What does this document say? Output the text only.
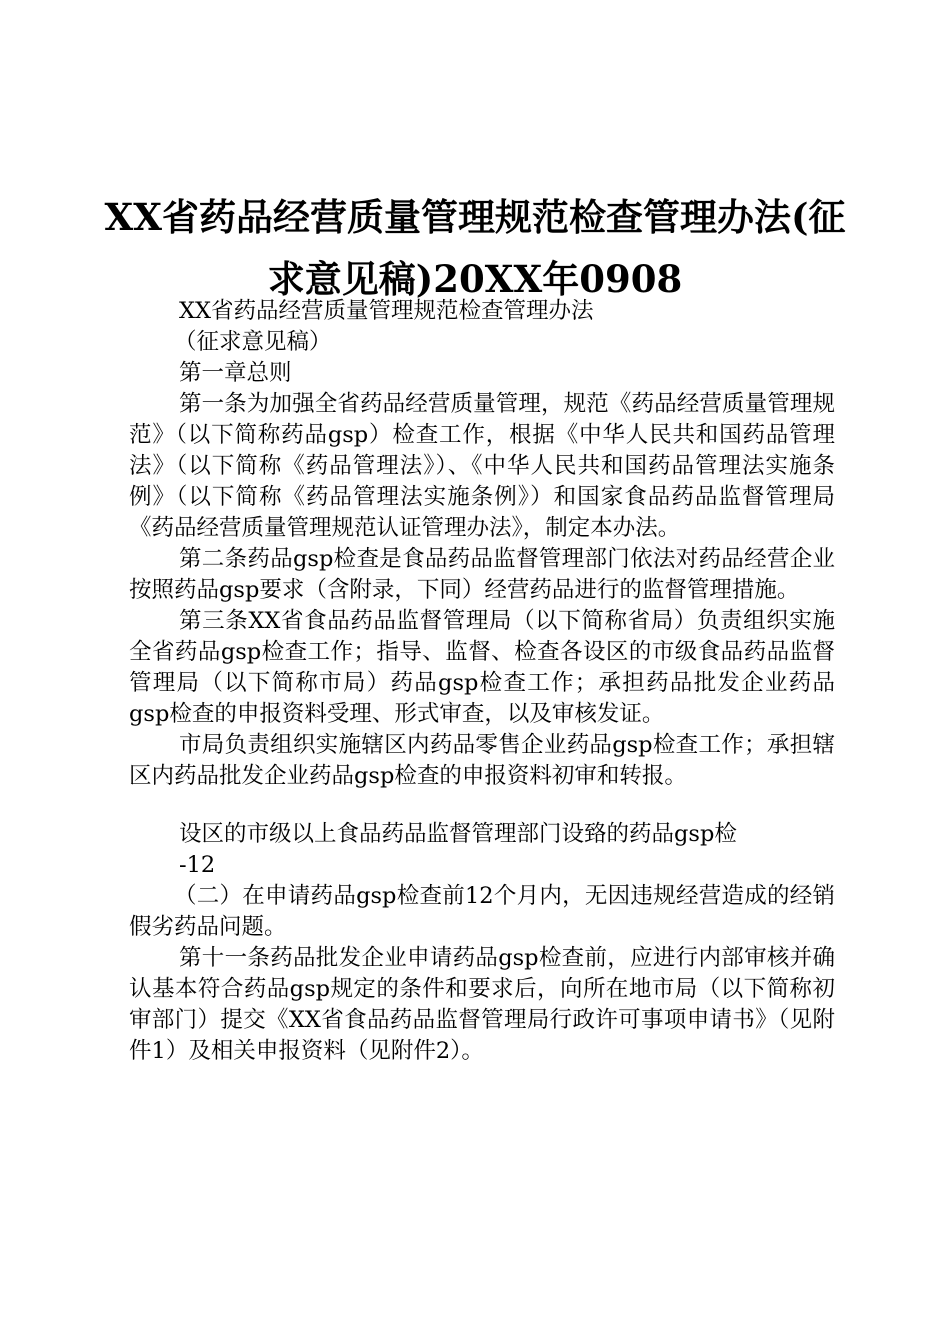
XX省药品经营质量管理规范检查管理办法(征求意见稿)20XX年0908

XX省药品经营质量管理规范检查管理办法

（征求意见稿）

第一章总则

第一条为加强全省药品经营质量管理，规范《药品经营质量管理规范》（以下简称药品gsp）检查工作，根据《中华人民共和国药品管理法》（以下简称《药品管理法》）、《中华人民共和国药品管理法实施条例》（以下简称《药品管理法实施条例》）和国家食品药品监督管理局《药品经营质量管理规范认证管理办法》，制定本办法。

第二条药品gsp检查是食品药品监督管理部门依法对药品经营企业按照药品gsp要求（含附录，下同）经营药品进行的监督管理措施。

第三条XX省食品药品监督管理局（以下简称省局）负责组织实施全省药品gsp检查工作；指导、监督、检查各设区的市级食品药品监督管理局（以下简称市局）药品gsp检查工作；承担药品批发企业药品gsp检查的申报资料受理、形式审查，以及审核发证。

市局负责组织实施辖区内药品零售企业药品gsp检查工作；承担辖区内药品批发企业药品gsp检查的申报资料初审和转报。

设区的市级以上食品药品监督管理部门设臵的药品gsp检

-12

（二）在申请药品gsp检查前12个月内，无因违规经营造成的经销假劣药品问题。

第十一条药品批发企业申请药品gsp检查前，应进行内部审核并确认基本符合药品gsp规定的条件和要求后，向所在地市局（以下简称初审部门）提交《XX省食品药品监督管理局行政许可事项申请书》（见附件1）及相关申报资料（见附件2）。
